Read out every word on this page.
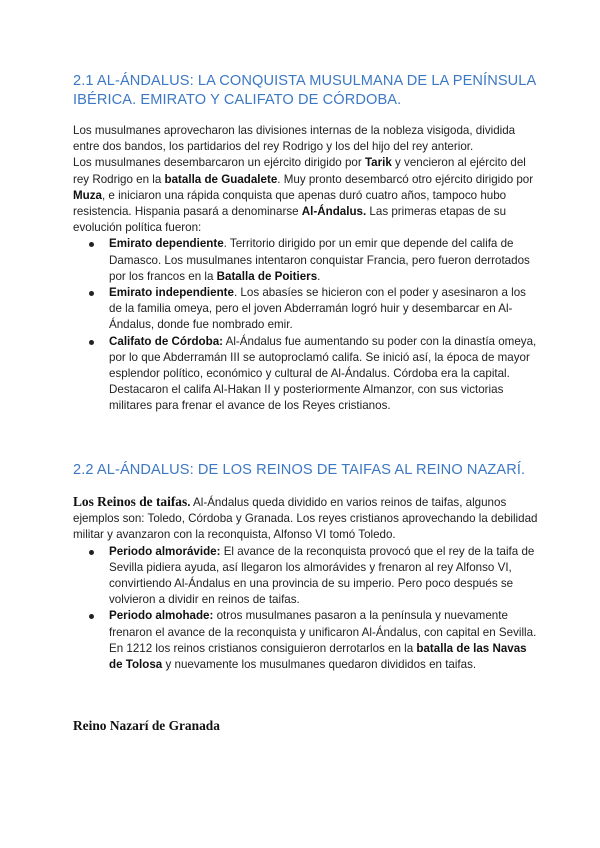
2.1 AL-ÁNDALUS: LA CONQUISTA MUSULMANA DE LA PENÍNSULA IBÉRICA. EMIRATO Y CALIFATO DE CÓRDOBA.

Los musulmanes aprovecharon las divisiones internas de la nobleza visigoda, dividida entre dos bandos, los partidarios del rey Rodrigo y los del hijo del rey anterior.

Los musulmanes desembarcaron un ejército dirigido por Tarik y vencieron al ejército del rey Rodrigo en la batalla de Guadalete. Muy pronto desembarcó otro ejército dirigido por Muza, e iniciaron una rápida conquista que apenas duró cuatro años, tampoco hubo resistencia. Hispania pasará a denominarse Al-Ándalus. Las primeras etapas de su evolución política fueron:

Emirato dependiente. Territorio dirigido por un emir que depende del califa de Damasco. Los musulmanes intentaron conquistar Francia, pero fueron derrotados por los francos en la Batalla de Poitiers.
Emirato independiente. Los abasíes se hicieron con el poder y asesinaron a los de la familia omeya, pero el joven Abderramán logró huir y desembarcar en Al-Ándalus, donde fue nombrado emir.
Califato de Córdoba: Al-Ándalus fue aumentando su poder con la dinastía omeya, por lo que Abderramán III se autoproclamó califa. Se inició así, la época de mayor esplendor político, económico y cultural de Al-Ándalus. Córdoba era la capital. Destacaron el califa Al-Hakan II y posteriormente Almanzor, con sus victorias militares para frenar el avance de los Reyes cristianos.
2.2 AL-ÁNDALUS: DE LOS REINOS DE TAIFAS AL REINO NAZARÍ.

Los Reinos de taifas. Al-Ándalus queda dividido en varios reinos de taifas, algunos ejemplos son: Toledo, Córdoba y Granada. Los reyes cristianos aprovechando la debilidad militar y avanzaron con la reconquista, Alfonso VI tomó Toledo.

Periodo almorávide: El avance de la reconquista provocó que el rey de la taifa de Sevilla pidiera ayuda, así llegaron los almorávides y frenaron al rey Alfonso VI, convirtiendo Al-Ándalus en una provincia de su imperio. Pero poco después se volvieron a dividir en reinos de taifas.
Periodo almohade: otros musulmanes pasaron a la península y nuevamente frenaron el avance de la reconquista y unificaron Al-Ándalus, con capital en Sevilla. En 1212 los reinos cristianos consiguieron derrotarlos en la batalla de las Navas de Tolosa y nuevamente los musulmanes quedaron divididos en taifas.

Reino Nazarí de Granada
